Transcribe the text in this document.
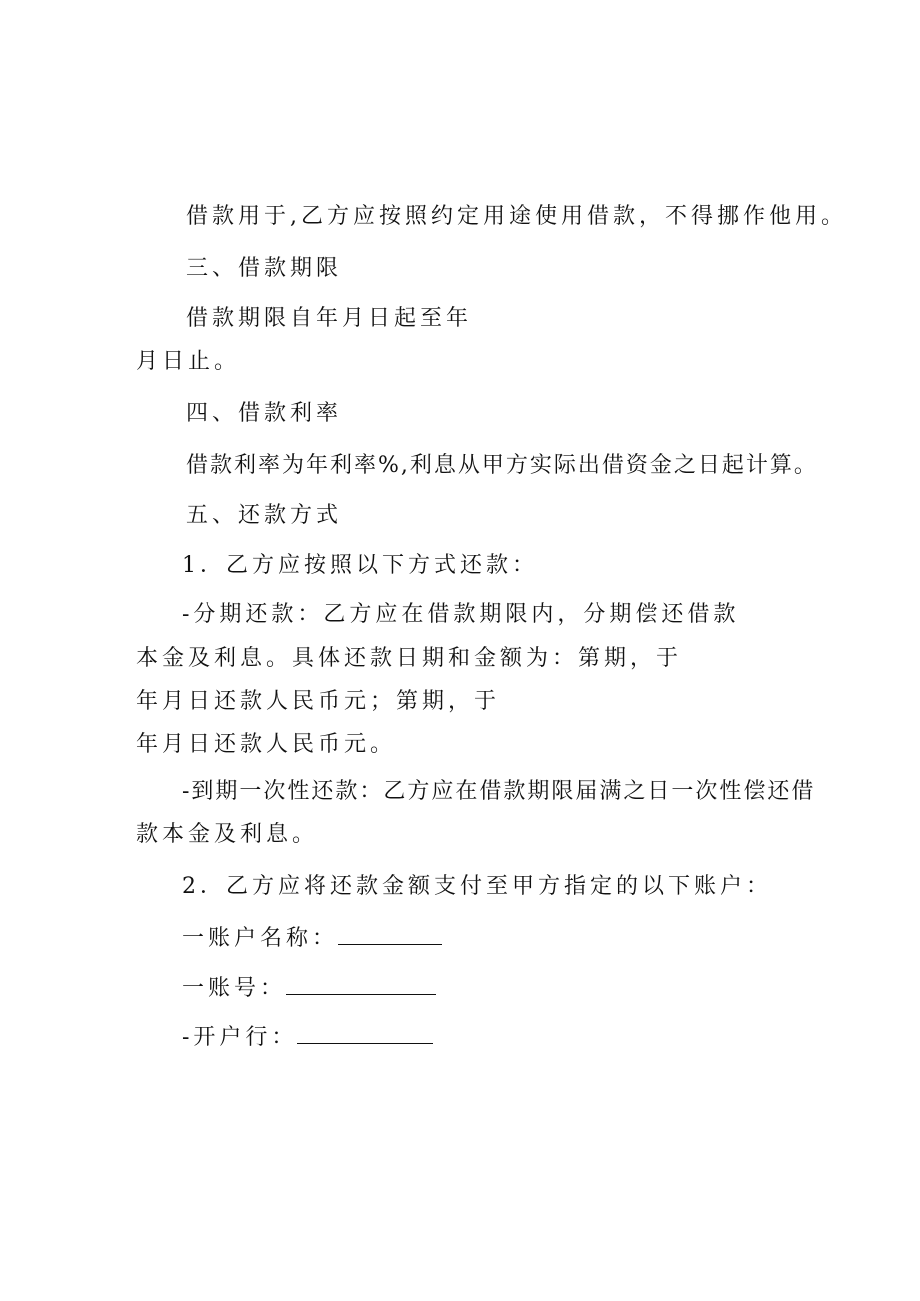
借款用于,乙方应按照约定用途使用借款，不得挪作他用。

三、借款期限

借款期限自年月日起至年

月日止。

四、借款利率

借款利率为年利率%,利息从甲方实际出借资金之日起计算。

五、还款方式

1．乙方应按照以下方式还款：

-分期还款：乙方应在借款期限内，分期偿还借款

本金及利息。具体还款日期和金额为：第期，于

年月日还款人民币元；第期，于

年月日还款人民币元。

-到期一次性还款：乙方应在借款期限届满之日一次性偿还借

款本金及利息。

2．乙方应将还款金额支付至甲方指定的以下账户：

一账户名称：

一账号：

-开户行：
